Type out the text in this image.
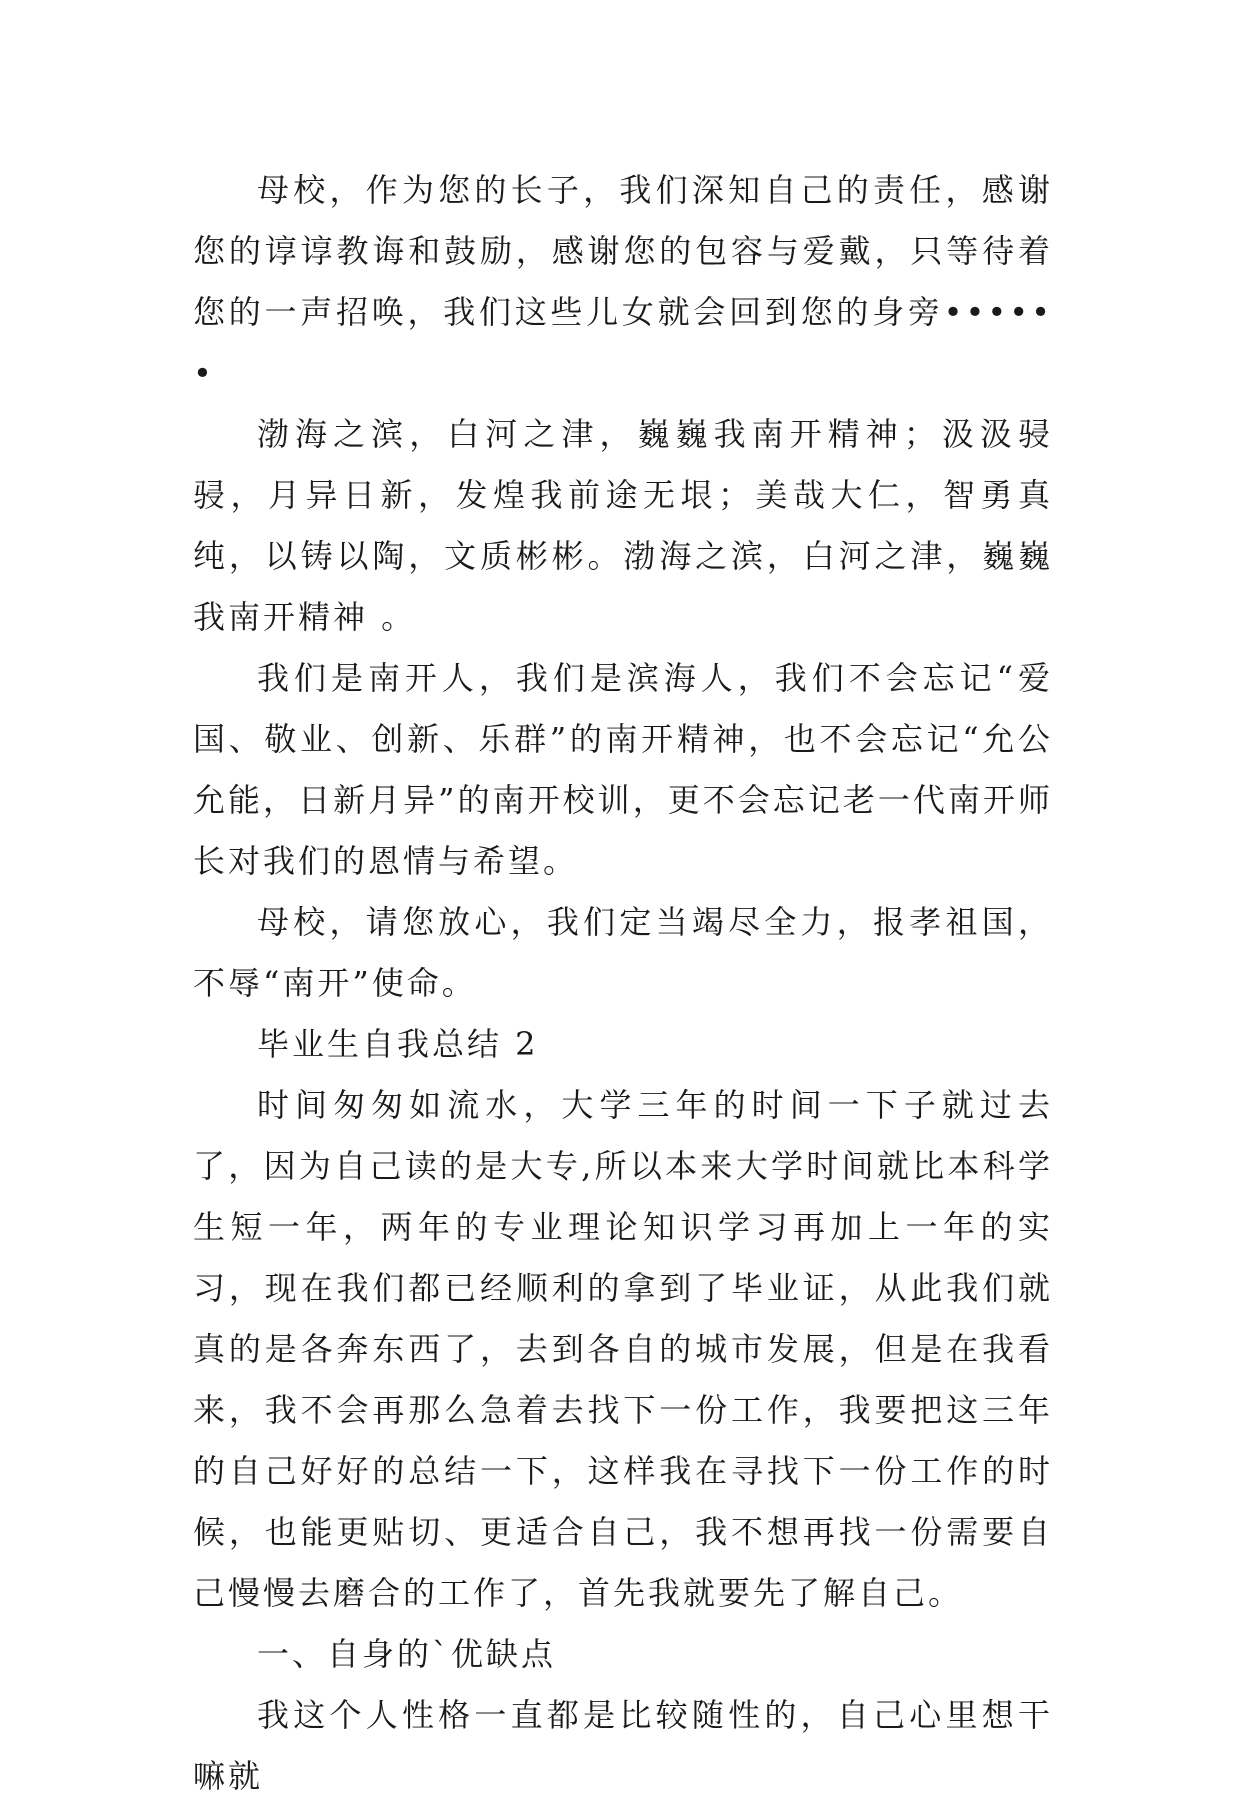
母校，作为您的长子，我们深知自己的责任，感谢您的谆谆教诲和鼓励，感谢您的包容与爱戴，只等待着您的一声招唤，我们这些儿女就会回到您的身旁••••••

渤海之滨，白河之津，巍巍我南开精神；汲汲骎骎，月异日新，发煌我前途无垠；美哉大仁，智勇真纯，以铸以陶，文质彬彬。渤海之滨，白河之津，巍巍我南开精神 。

我们是南开人，我们是滨海人，我们不会忘记“爱国、敬业、创新、乐群”的南开精神，也不会忘记“允公允能，日新月异”的南开校训，更不会忘记老一代南开师长对我们的恩情与希望。

母校，请您放心，我们定当竭尽全力，报孝祖国，不辱“南开”使命。

毕业生自我总结 2

时间匆匆如流水，大学三年的时间一下子就过去了，因为自己读的是大专,所以本来大学时间就比本科学生短一年，两年的专业理论知识学习再加上一年的实习，现在我们都已经顺利的拿到了毕业证，从此我们就真的是各奔东西了，去到各自的城市发展，但是在我看来，我不会再那么急着去找下一份工作，我要把这三年的自己好好的总结一下，这样我在寻找下一份工作的时候，也能更贴切、更适合自己，我不想再找一份需要自己慢慢去磨合的工作了，首先我就要先了解自己。

一、自身的`优缺点

我这个人性格一直都是比较随性的，自己心里想干嘛就
